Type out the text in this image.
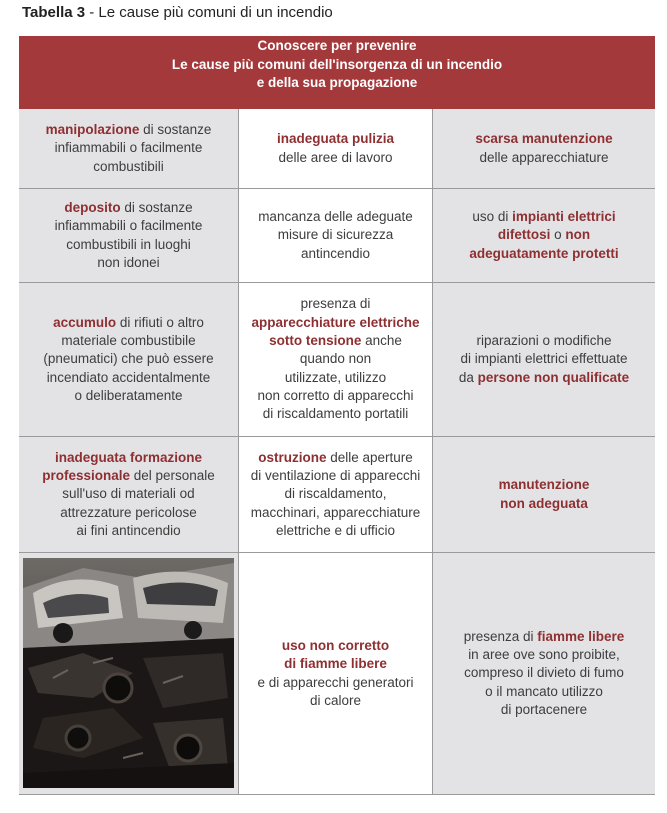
Tabella 3 - Le cause più comuni di un incendio
Conoscere per prevenire
Le cause più comuni dell'insorgenza di un incendio
e della sua propagazione
manipolazione di sostanze
infiammabili o facilmente
combustibili
inadeguata pulizia
delle aree di lavoro
scarsa manutenzione
delle apparecchiature
deposito di sostanze
infiammabili o facilmente
combustibili in luoghi
non idonei
mancanza delle adeguate
misure di sicurezza
antincendio
uso di impianti elettrici
difettosi o non
adeguatamente protetti
accumulo di rifiuti o altro
materiale combustibile
(pneumatici) che può essere
incendiato accidentalmente
o deliberatamente
presenza di
apparecchiature elettriche
sotto tensione anche
quando non
utilizzate, utilizzo
non corretto di apparecchi
di riscaldamento portatili
riparazioni o modifiche
di impianti elettrici effettuate
da persone non qualificate
inadeguata formazione
professionale del personale
sull'uso di materiali od
attrezzature pericolose
ai fini antincendio
ostruzione delle aperture
di ventilazione di apparecchi
di riscaldamento,
macchinari, apparecchiature
elettriche e di ufficio
manutenzione
non adeguata
uso non corretto
di fiamme libere
e di apparecchi generatori
di calore
presenza di fiamme libere
in aree ove sono proibite,
compreso il divieto di fumo
o il mancato utilizzo
di portacenere
